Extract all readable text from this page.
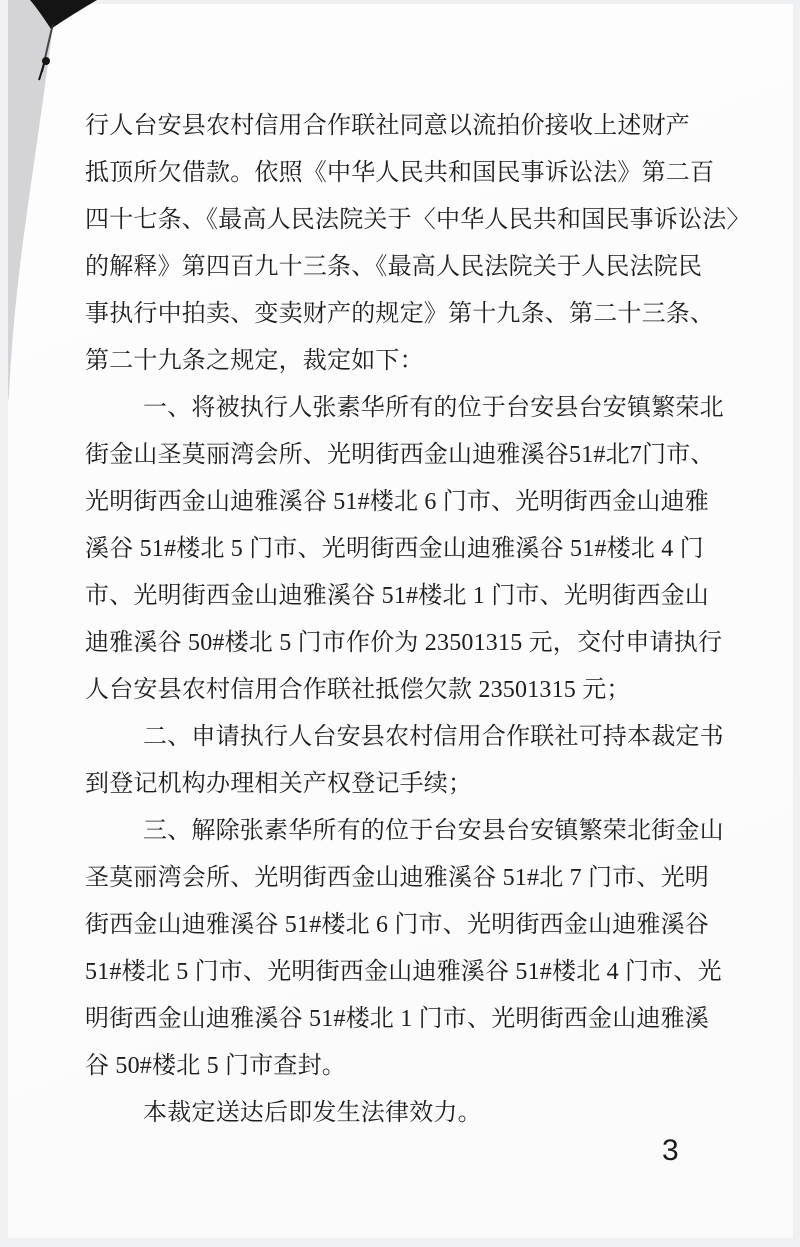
行人台安县农村信用合作联社同意以流拍价接收上述财产
抵顶所欠借款。依照《中华人民共和国民事诉讼法》第二百
四十七条、《最高人民法院关于〈中华人民共和国民事诉讼法〉
的解释》第四百九十三条、《最高人民法院关于人民法院民
事执行中拍卖、变卖财产的规定》第十九条、第二十三条、
第二十九条之规定，裁定如下：
一、将被执行人张素华所有的位于台安县台安镇繁荣北
街金山圣莫丽湾会所、光明街西金山迪雅溪谷51#北7门市、
光明街西金山迪雅溪谷 51#楼北 6 门市、光明街西金山迪雅
溪谷 51#楼北 5 门市、光明街西金山迪雅溪谷 51#楼北 4 门
市、光明街西金山迪雅溪谷 51#楼北 1 门市、光明街西金山
迪雅溪谷 50#楼北 5 门市作价为 23501315 元，交付申请执行
人台安县农村信用合作联社抵偿欠款 23501315 元；
二、申请执行人台安县农村信用合作联社可持本裁定书
到登记机构办理相关产权登记手续；
三、解除张素华所有的位于台安县台安镇繁荣北街金山
圣莫丽湾会所、光明街西金山迪雅溪谷 51#北 7 门市、光明
街西金山迪雅溪谷 51#楼北 6 门市、光明街西金山迪雅溪谷
51#楼北 5 门市、光明街西金山迪雅溪谷 51#楼北 4 门市、光
明街西金山迪雅溪谷 51#楼北 1 门市、光明街西金山迪雅溪
谷 50#楼北 5 门市查封。
本裁定送达后即发生法律效力。
3
